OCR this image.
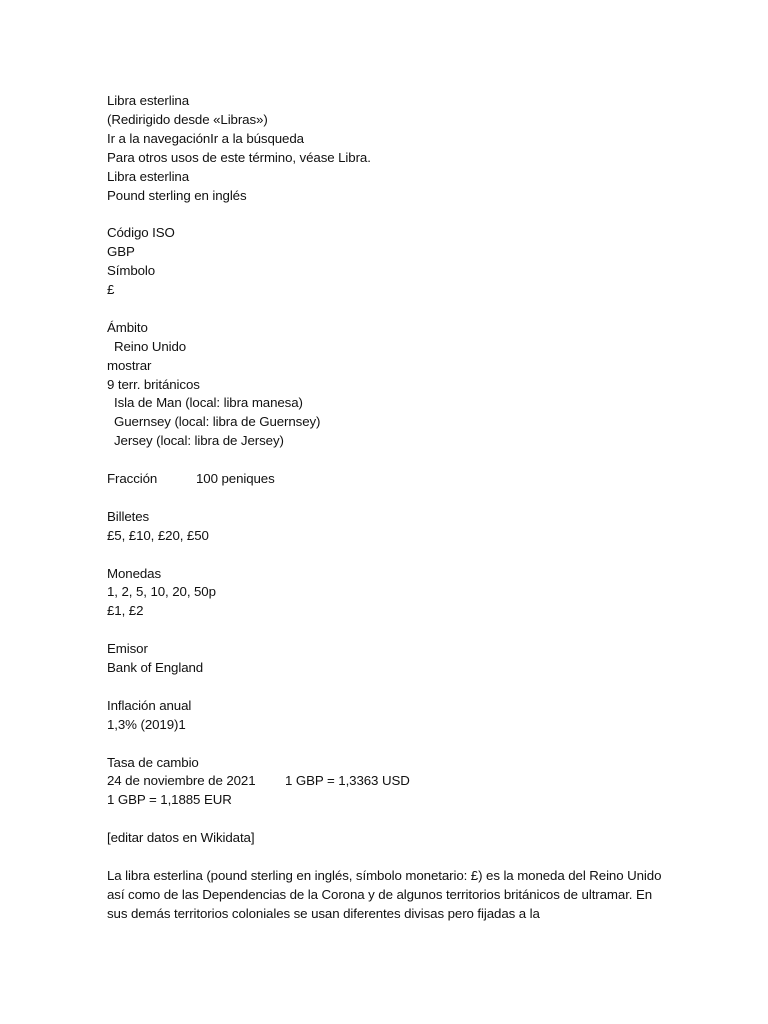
Libra esterlina
(Redirigido desde «Libras»)
Ir a la navegaciónIr a la búsqueda
Para otros usos de este término, véase Libra.
Libra esterlina
Pound sterling en inglés
Código ISO
GBP
Símbolo
£
Ámbito
Reino Unido
mostrar
9 terr. británicos
Isla de Man (local: libra manesa)
Guernsey (local: libra de Guernsey)
Jersey (local: libra de Jersey)
Fracción	100 peniques
Billetes
£5, £10, £20, £50
Monedas
1, 2, 5, 10, 20, 50p
£1, £2
Emisor
Bank of England
Inflación anual
1,3% (2019)1
Tasa de cambio
24 de noviembre de 2021 1 GBP = 1,3363 USD
1 GBP = 1,1885 EUR
[editar datos en Wikidata]
La libra esterlina (pound sterling en inglés, símbolo monetario: £) es la moneda del Reino Unido así como de las Dependencias de la Corona y de algunos territorios británicos de ultramar. En sus demás territorios coloniales se usan diferentes divisas pero fijadas a la
